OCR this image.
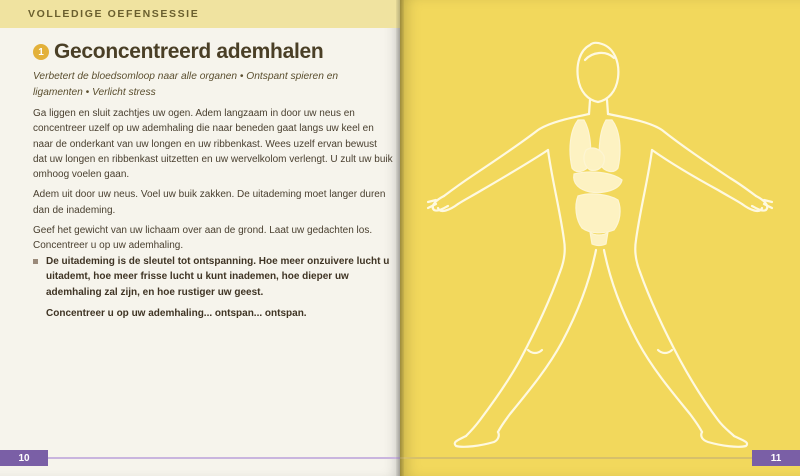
VOLLEDIGE OEFENSESSIE
1 Geconcentreerd ademhalen

Verbetert de bloedsomloop naar alle organen • Ontspant spieren en ligamenten • Verlicht stress

Ga liggen en sluit zachtjes uw ogen. Adem langzaam in door uw neus en concentreer uzelf op uw ademhaling die naar beneden gaat langs uw keel en naar de onderkant van uw longen en uw ribbenkast. Wees uzelf ervan bewust dat uw longen en ribbenkast uitzetten en uw wervelkolom verlengt. U zult uw buik omhoog voelen gaan.

Adem uit door uw neus. Voel uw buik zakken. De uitademing moet langer duren dan de inademing.

Geef het gewicht van uw lichaam over aan de grond. Laat uw gedachten los. Concentreer u op uw ademhaling.

De uitademing is de sleutel tot ontspanning. Hoe meer onzuivere lucht u uitademt, hoe meer frisse lucht u kunt inademen, hoe dieper uw ademhaling zal zijn, en hoe rustiger uw geest.

Concentreer u op uw ademhaling... ontspan... ontspan.

10	11
